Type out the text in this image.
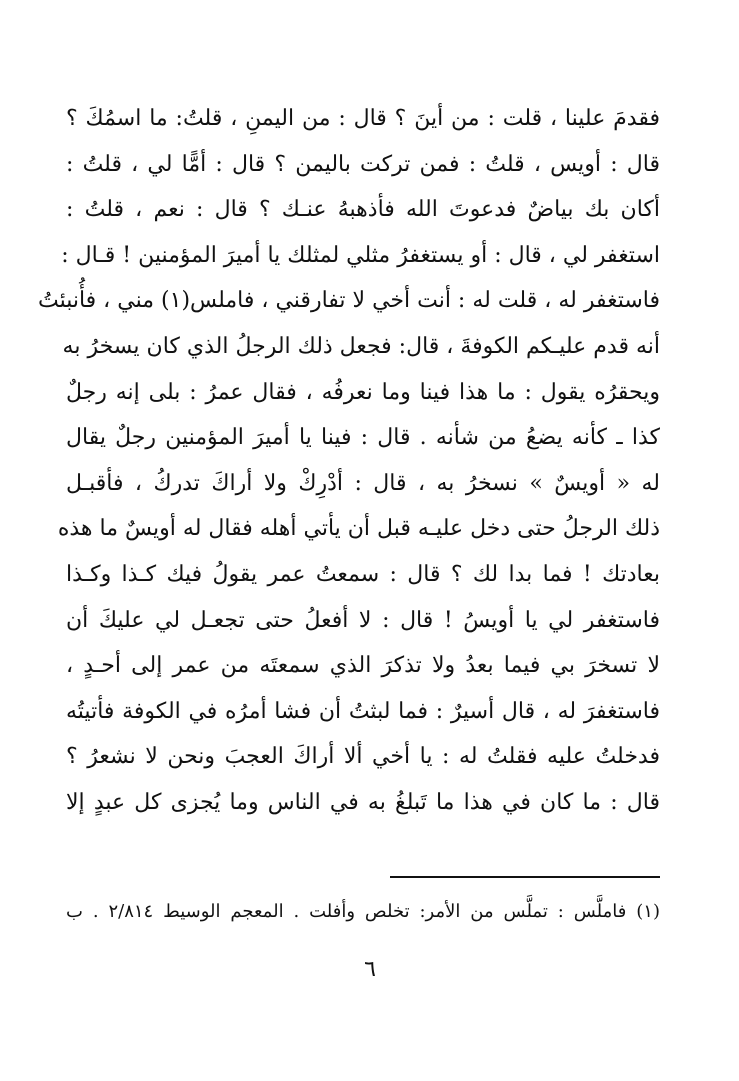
فقدمَ علينا ، قلت : من أينَ ؟ قال : من اليمنِ ، قلتُ: ما اسمُكَ ؟
قال : أويس ، قلتُ : فمن تركت باليمن ؟ قال : أمًّا لي ، قلتُ :
أكان بك بياضٌ فدعوتَ الله فأذهبهُ عنـك ؟ قال : نعم ، قلتُ :
استغفر لي ، قال : أو يستغفرُ مثلي لمثلك يا أميرَ المؤمنين ! قـال :
فاستغفر له ، قلت له : أنت أخي لا تفارقني ، فاملس(١) مني ، فأُنبئتُ
أنه قدم عليـكم الكوفةَ ، قال: فجعل ذلك الرجلُ الذي كان يسخرُ به
ويحقرُه يقول : ما هذا فينا وما نعرفُه ، فقال عمرُ : بلى إنه رجلٌ
كذا ـ كأنه يضعُ من شأنه . قال : فينا يا أميرَ المؤمنين رجلٌ يقال
له « أويسٌ » نسخرُ به ، قال : أدْرِكْ ولا أراكَ تدركُ ، فأقبـل
ذلك الرجلُ حتى دخل عليـه قبل أن يأتي أهله فقال له أويسٌ ما هذه
بعادتك ! فما بدا لك ؟ قال : سمعتُ عمر يقولُ فيك كـذا وكـذا
فاستغفر لي يا أويسُ ! قال : لا أفعلُ حتى تجعـل لي عليكَ أن
لا تسخرَ بي فيما بعدُ ولا تذكرَ الذي سمعتَه من عمر إلى أحـدٍ ،
فاستغفرَ له ، قال أسيرٌ : فما لبثتُ أن فشا أمرُه في الكوفة فأتيتُه
فدخلتُ عليه فقلتُ له : يا أخي ألا أراكَ العجبَ ونحن لا نشعرُ ؟
قال : ما كان في هذا ما تَبلغُ به في الناس وما يُجزى كل عبدٍ إلا
(١) فاملَّس : تملَّس من الأمر: تخلص وأفلت . المعجم الوسيط ٢/٨١٤ . ب
٦
